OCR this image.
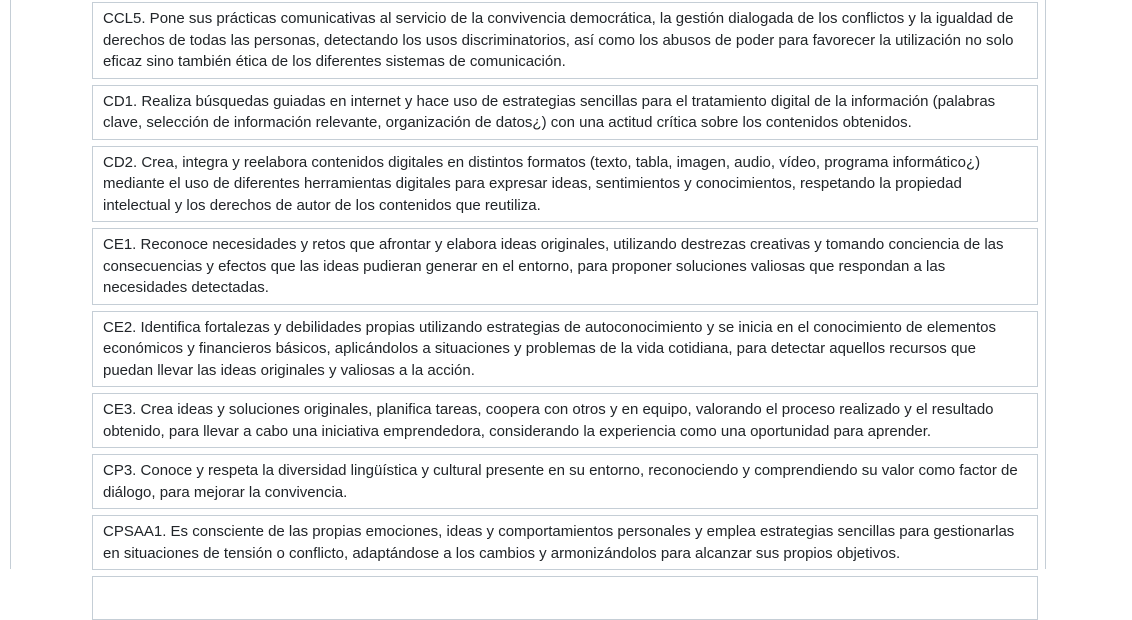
CCL5. Pone sus prácticas comunicativas al servicio de la convivencia democrática, la gestión dialogada de los conflictos y la igualdad de derechos de todas las personas, detectando los usos discriminatorios, así como los abusos de poder para favorecer la utilización no solo eficaz sino también ética de los diferentes sistemas de comunicación.
CD1. Realiza búsquedas guiadas en internet y hace uso de estrategias sencillas para el tratamiento digital de la información (palabras clave, selección de información relevante, organización de datos¿) con una actitud crítica sobre los contenidos obtenidos.
CD2. Crea, integra y reelabora contenidos digitales en distintos formatos (texto, tabla, imagen, audio, vídeo, programa informático¿) mediante el uso de diferentes herramientas digitales para expresar ideas, sentimientos y conocimientos, respetando la propiedad intelectual y los derechos de autor de los contenidos que reutiliza.
CE1. Reconoce necesidades y retos que afrontar y elabora ideas originales, utilizando destrezas creativas y tomando conciencia de las consecuencias y efectos que las ideas pudieran generar en el entorno, para proponer soluciones valiosas que respondan a las necesidades detectadas.
CE2. Identifica fortalezas y debilidades propias utilizando estrategias de autoconocimiento y se inicia en el conocimiento de elementos económicos y financieros básicos, aplicándolos a situaciones y problemas de la vida cotidiana, para detectar aquellos recursos que puedan llevar las ideas originales y valiosas a la acción.
CE3. Crea ideas y soluciones originales, planifica tareas, coopera con otros y en equipo, valorando el proceso realizado y el resultado obtenido, para llevar a cabo una iniciativa emprendedora, considerando la experiencia como una oportunidad para aprender.
CP3. Conoce y respeta la diversidad lingüística y cultural presente en su entorno, reconociendo y comprendiendo su valor como factor de diálogo, para mejorar la convivencia.
CPSAA1. Es consciente de las propias emociones, ideas y comportamientos personales y emplea estrategias sencillas para gestionarlas en situaciones de tensión o conflicto, adaptándose a los cambios y armonizándolos para alcanzar sus propios objetivos.
